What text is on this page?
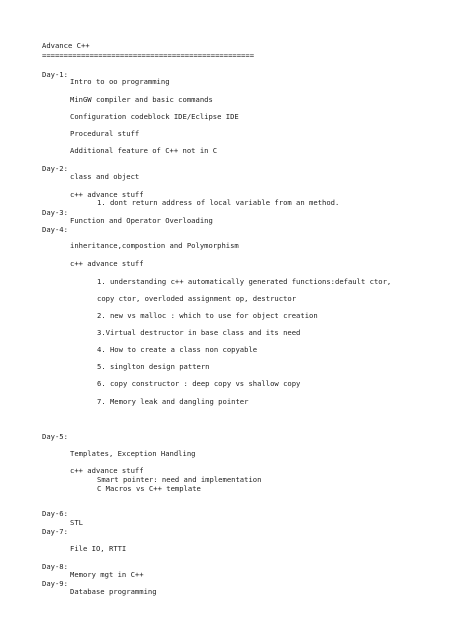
Advance C++
=================================================
Day-1:
Intro to oo programming
MinGW compiler and basic commands
Configuration codeblock IDE/Eclipse IDE
Procedural stuff
Additional feature of C++ not in C
Day-2:
class and object
c++ advance stuff
1. dont return address of local variable from an method.
Day-3:
Function and Operator Overloading
Day-4:
inheritance,compostion and Polymorphism
c++ advance stuff
1. understanding c++ automatically generated functions:default ctor,
copy ctor, overloded assignment op, destructor
2. new vs malloc : which to use for object creation
3.Virtual destructor in base class and its need
4. How to create a class non copyable
5. singlton design pattern
6. copy constructor : deep copy vs shallow copy
7. Memory leak and dangling pointer
Day-5:
Templates, Exception Handling
c++ advance stuff
Smart pointer: need and implementation
C Macros vs C++ template
Day-6:
STL
Day-7:
File IO, RTTI
Day-8:
Memory mgt in C++
Day-9:
Database programming
